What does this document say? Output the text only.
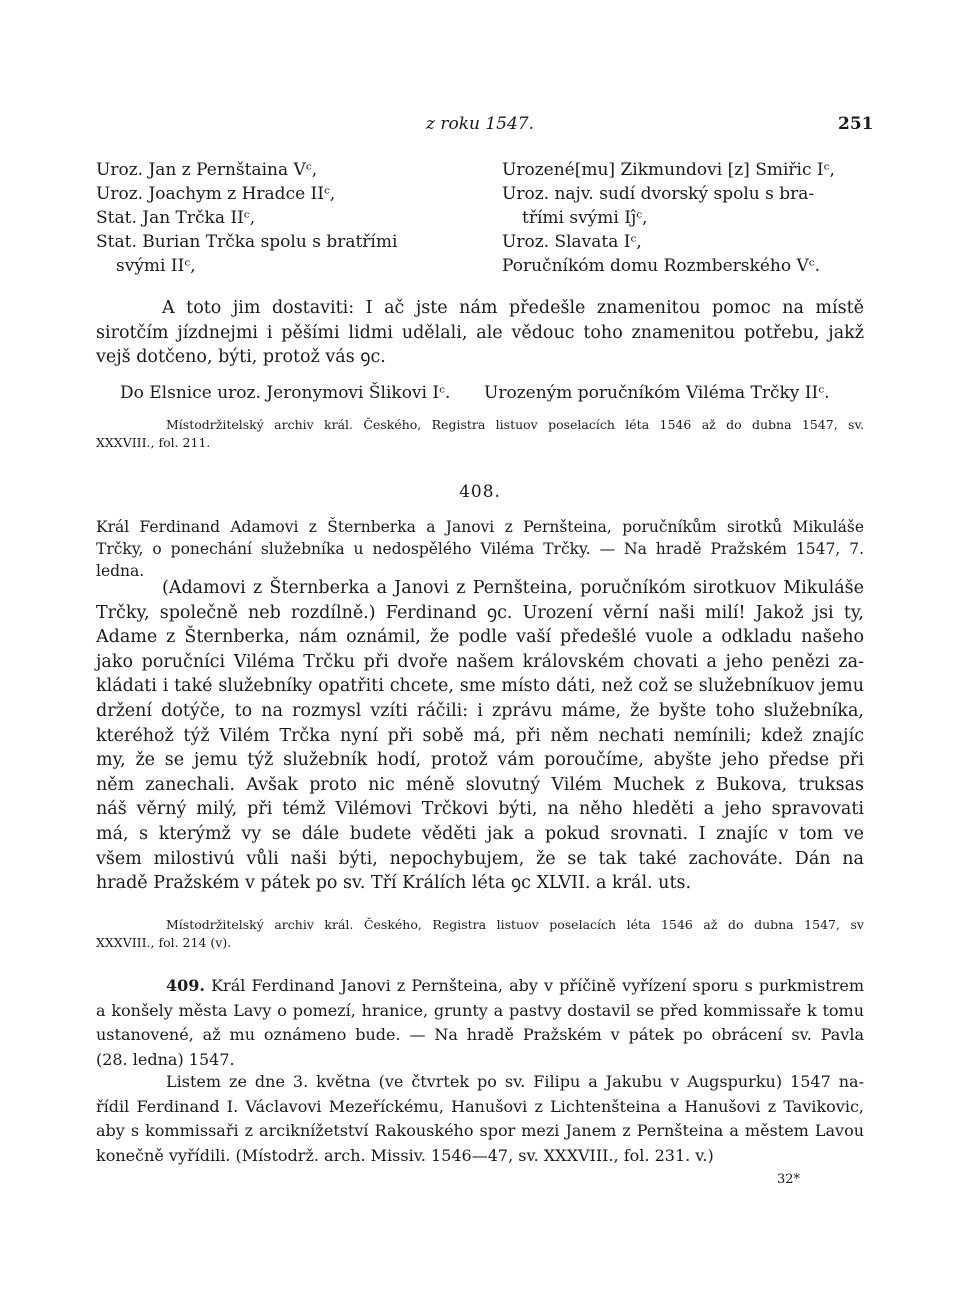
z roku 1547.	251
Uroz. Jan z Pernštaina Vᶜ,
Uroz. Joachym z Hradce IIᶜ,
Stat. Jan Trčka IIᶜ,
Stat. Burian Trčka spolu s bratřími
svými IIᶜ,
Urozené[mu] Zikmundovi [z] Smiřic Iᶜ,
Uroz. najv. sudí dvorský spolu s bra-
třími svými Iĵᶜ,
Uroz. Slavata Iᶜ,
Poručníkóm domu Rozmberského Vᶜ.
A toto jim dostaviti: I ač jste nám předešle znamenitou pomoc na místě
sirotčím jízdnejmi i pěšími lidmi udělali, ale vědouc toho znamenitou potřebu, jakž
vejš dotčeno, býti, protož vás ꝯc.
Do Elsnice uroz. Jeronymovi Šlikovi Iᶜ. Urozeným poručníkóm Viléma Trčky IIᶜ.
Místodržitelský archiv král. Českého, Registra listuov poselacích léta 1546 až do dubna 1547, sv.
XXXVIII., fol. 211.
408.
Král Ferdinand Adamovi z Šternberka a Janovi z Pernšteina, poručníkům sirotků Mikuláše
Trčky, o ponechání služebníka u nedospělého Viléma Trčky. — Na hradě Pražském 1547, 7. ledna.
(Adamovi z Šternberka a Janovi z Pernšteina, poručníkóm sirotkuov Mikuláše
Trčky, společně neb rozdílně.) Ferdinand ꝯc. Urození věrní naši milí! Jakož jsi ty,
Adame z Šternberka, nám oznámil, že podle vaší předešlé vuole a odkladu našeho
jako poručníci Viléma Trčku při dvoře našem královském chovati a jeho penězi za-
kládati i také služebníky opatřiti chcete, sme místo dáti, než což se služebníkuov jemu
držení dotýče, to na rozmysl vzíti ráčili: i zprávu máme, že byšte toho služebníka,
kteréhož týž Vilém Trčka nyní při sobě má, při něm nechati nemínili; kdež znajíc
my, že se jemu týž služebník hodí, protož vám poroučíme, abyšte jeho předse při
něm zanechali. Avšak proto nic méně slovutný Vilém Muchek z Bukova, truksas
náš věrný milý, při témž Vilémovi Trčkovi býti, na něho hleděti a jeho spravovati
má, s kterýmž vy se dále budete věděti jak a pokud srovnati. I znajíc v tom ve
všem milostivú vůli naši býti, nepochybujem, že se tak také zachováte. Dán na
hradě Pražském v pátek po sv. Tří Králích léta ꝯc XLVII. a král. uts.
Místodržitelský archiv král. Českého, Registra listuov poselacích léta 1546 až do dubna 1547, sv
XXXVIII., fol. 214 (v).
409. Král Ferdinand Janovi z Pernšteina, aby v příčině vyřízení sporu s purkmistrem
a konšely města Lavy o pomezí, hranice, grunty a pastvy dostavil se před kommissaře k tomu
ustanovené, až mu oznámeno bude. — Na hradě Pražském v pátek po obrácení sv. Pavla
(28. ledna) 1547.
Listem ze dne 3. května (ve čtvrtek po sv. Filipu a Jakubu v Augspurku) 1547 na-
řídil Ferdinand I. Václavovi Mezeříckému, Hanušovi z Lichtenšteina a Hanušovi z Tavikovic,
aby s kommissaři z arciknížetství Rakouského spor mezi Janem z Pernšteina a městem Lavou
konečně vyřídili. (Místodrž. arch. Missiv. 1546—47, sv. XXXVIII., fol. 231. v.)
32*
